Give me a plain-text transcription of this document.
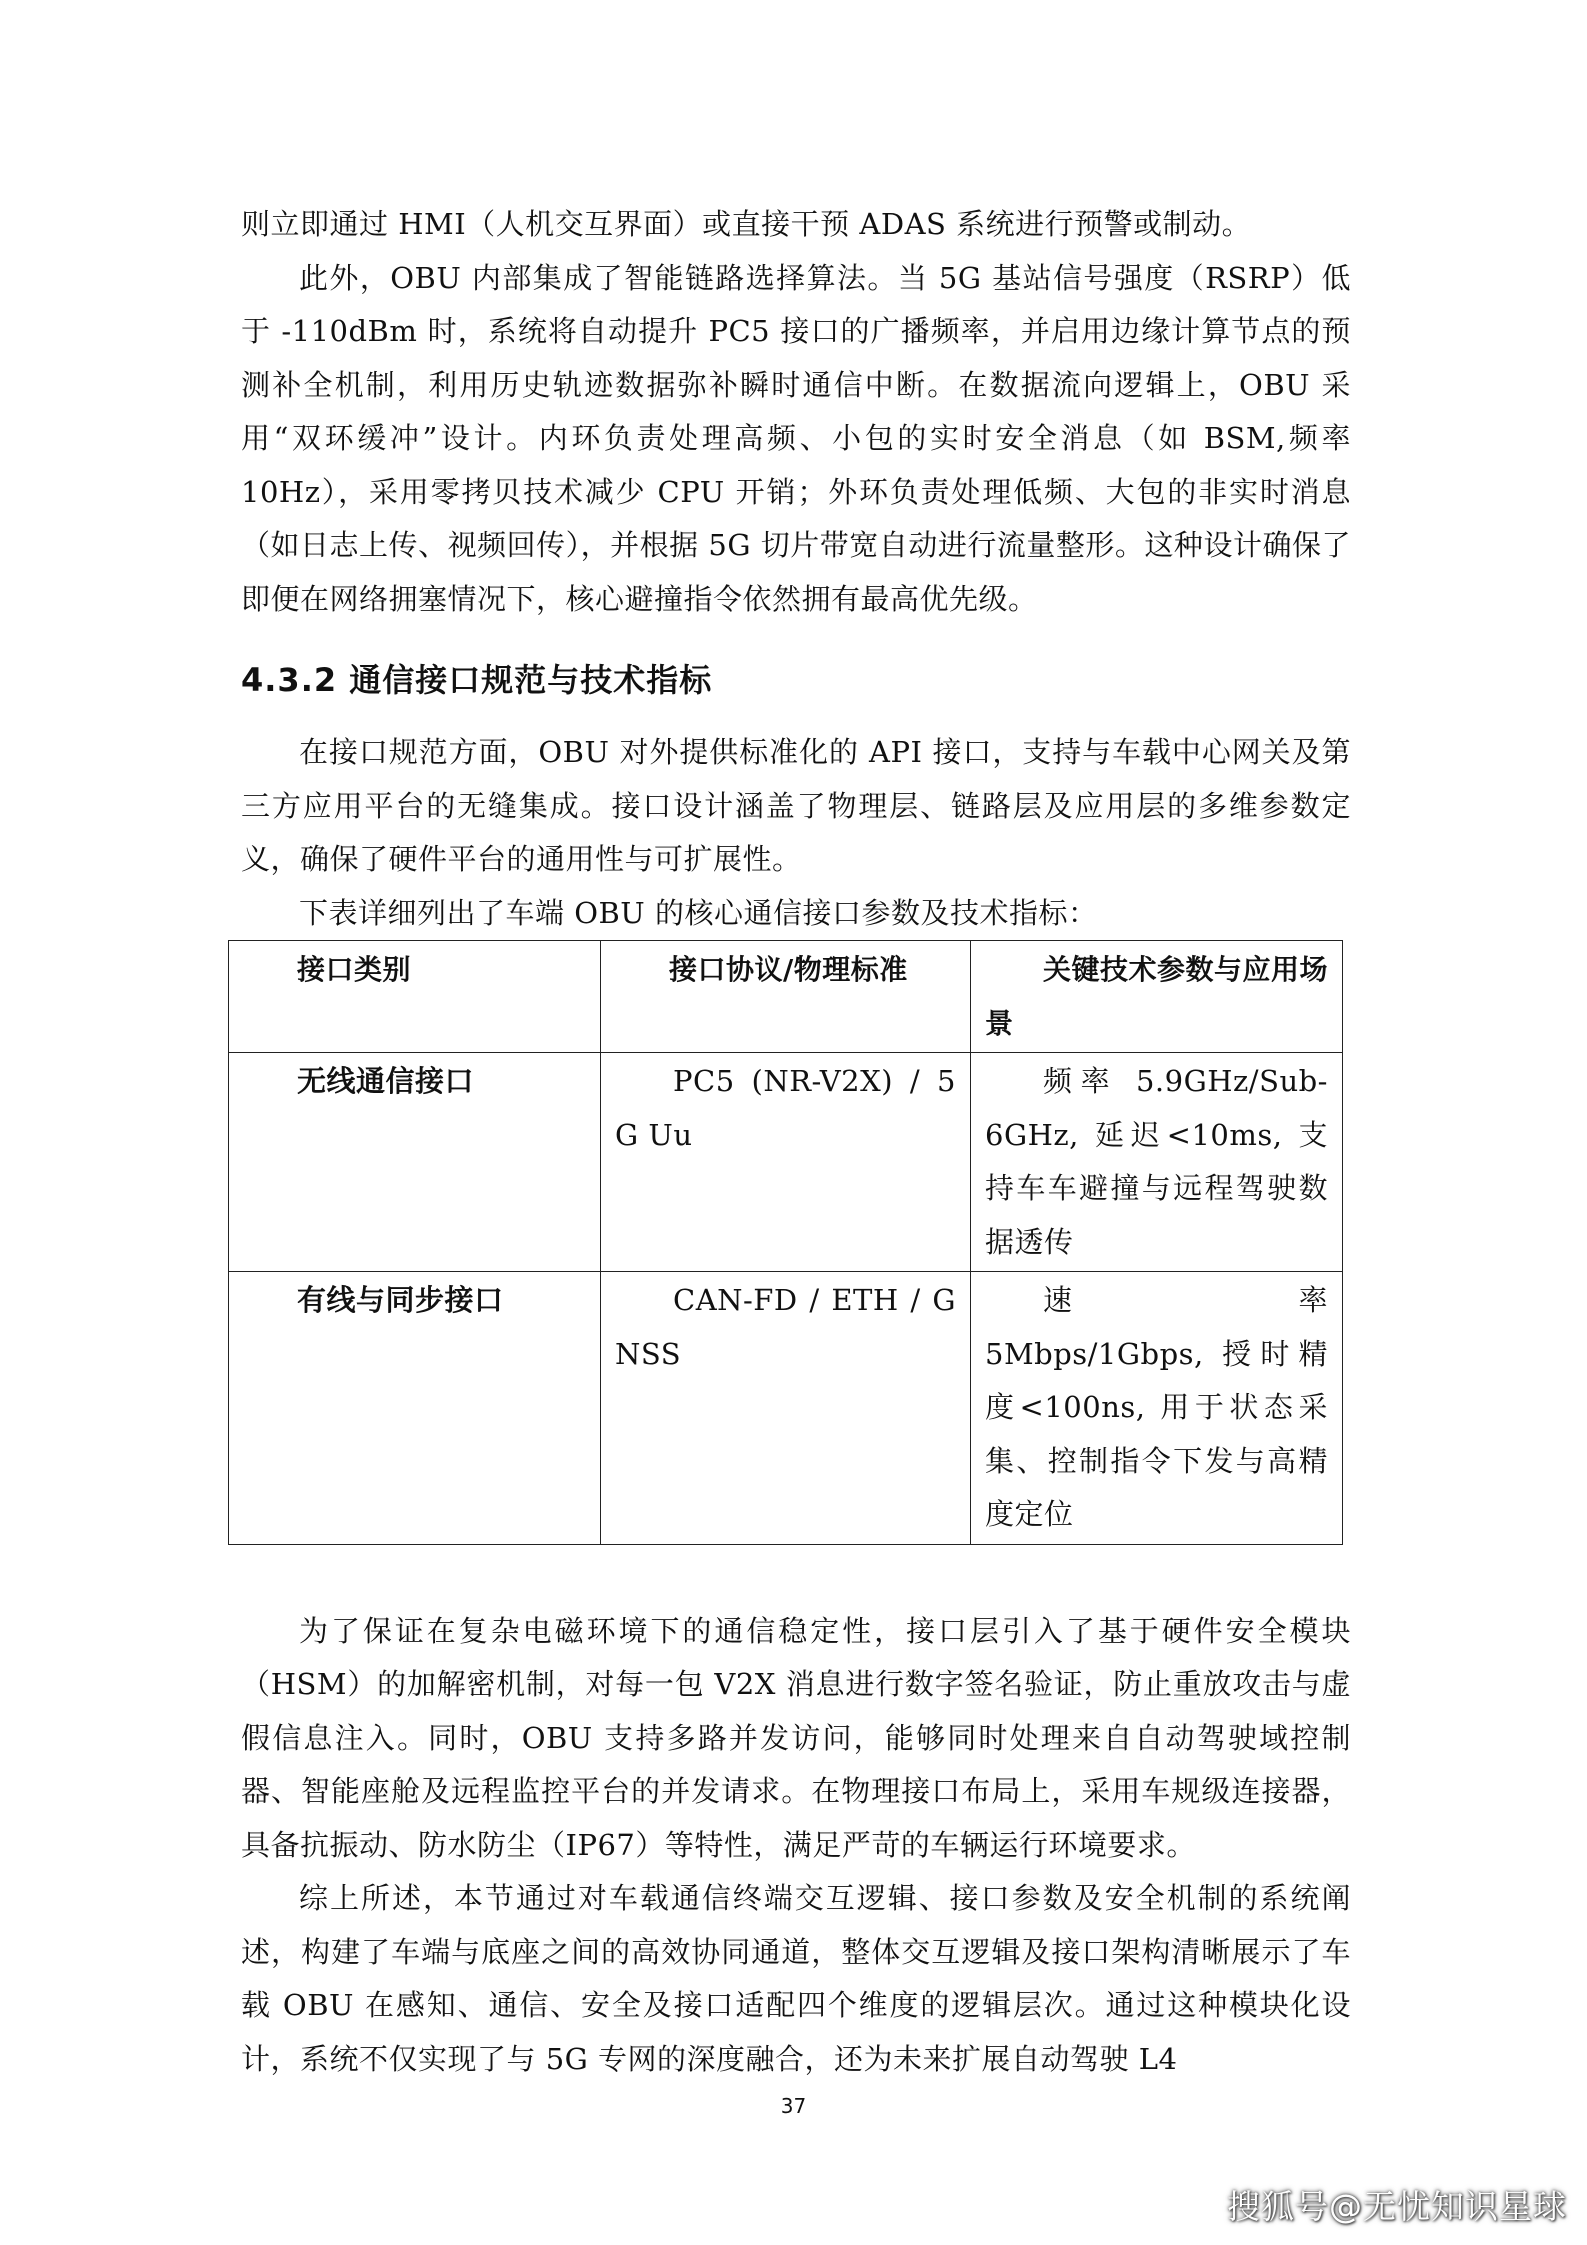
则立即通过 HMI（人机交互界面）或直接干预 ADAS 系统进行预警或制动。

此外，OBU 内部集成了智能链路选择算法。当 5G 基站信号强度（RSRP）低于 -110dBm 时，系统将自动提升 PC5 接口的广播频率，并启用边缘计算节点的预测补全机制，利用历史轨迹数据弥补瞬时通信中断。在数据流向逻辑上，OBU 采用“双环缓冲”设计。内环负责处理高频、小包的实时安全消息（如 BSM,频率 10Hz），采用零拷贝技术减少 CPU 开销；外环负责处理低频、大包的非实时消息（如日志上传、视频回传），并根据 5G 切片带宽自动进行流量整形。这种设计确保了即便在网络拥塞情况下，核心避撞指令依然拥有最高优先级。

4.3.2 通信接口规范与技术指标

在接口规范方面，OBU 对外提供标准化的 API 接口，支持与车载中心网关及第三方应用平台的无缝集成。接口设计涵盖了物理层、链路层及应用层的多维参数定义，确保了硬件平台的通用性与可扩展性。

下表详细列出了车端 OBU 的核心通信接口参数及技术指标：

接口类别	接口协议/物理标准	关键技术参数与应用场景
无线通信接口	PC5 (NR-V2X) / 5G Uu	频率 5.9GHz/Sub-6GHz, 延迟<10ms, 支持车车避撞与远程驾驶数据透传
有线与同步接口	CAN-FD / ETH / GNSS	速率 5Mbps/1Gbps, 授时精度<100ns, 用于状态采集、控制指令下发与高精度定位

为了保证在复杂电磁环境下的通信稳定性，接口层引入了基于硬件安全模块（HSM）的加解密机制，对每一包 V2X 消息进行数字签名验证，防止重放攻击与虚假信息注入。同时，OBU 支持多路并发访问，能够同时处理来自自动驾驶域控制器、智能座舱及远程监控平台的并发请求。在物理接口布局上，采用车规级连接器，具备抗振动、防水防尘（IP67）等特性，满足严苛的车辆运行环境要求。

综上所述，本节通过对车载通信终端交互逻辑、接口参数及安全机制的系统阐述，构建了车端与底座之间的高效协同通道，整体交互逻辑及接口架构清晰展示了车载 OBU 在感知、通信、安全及接口适配四个维度的逻辑层次。通过这种模块化设计，系统不仅实现了与 5G 专网的深度融合，还为未来扩展自动驾驶 L4

37
搜狐号@无忧知识星球
